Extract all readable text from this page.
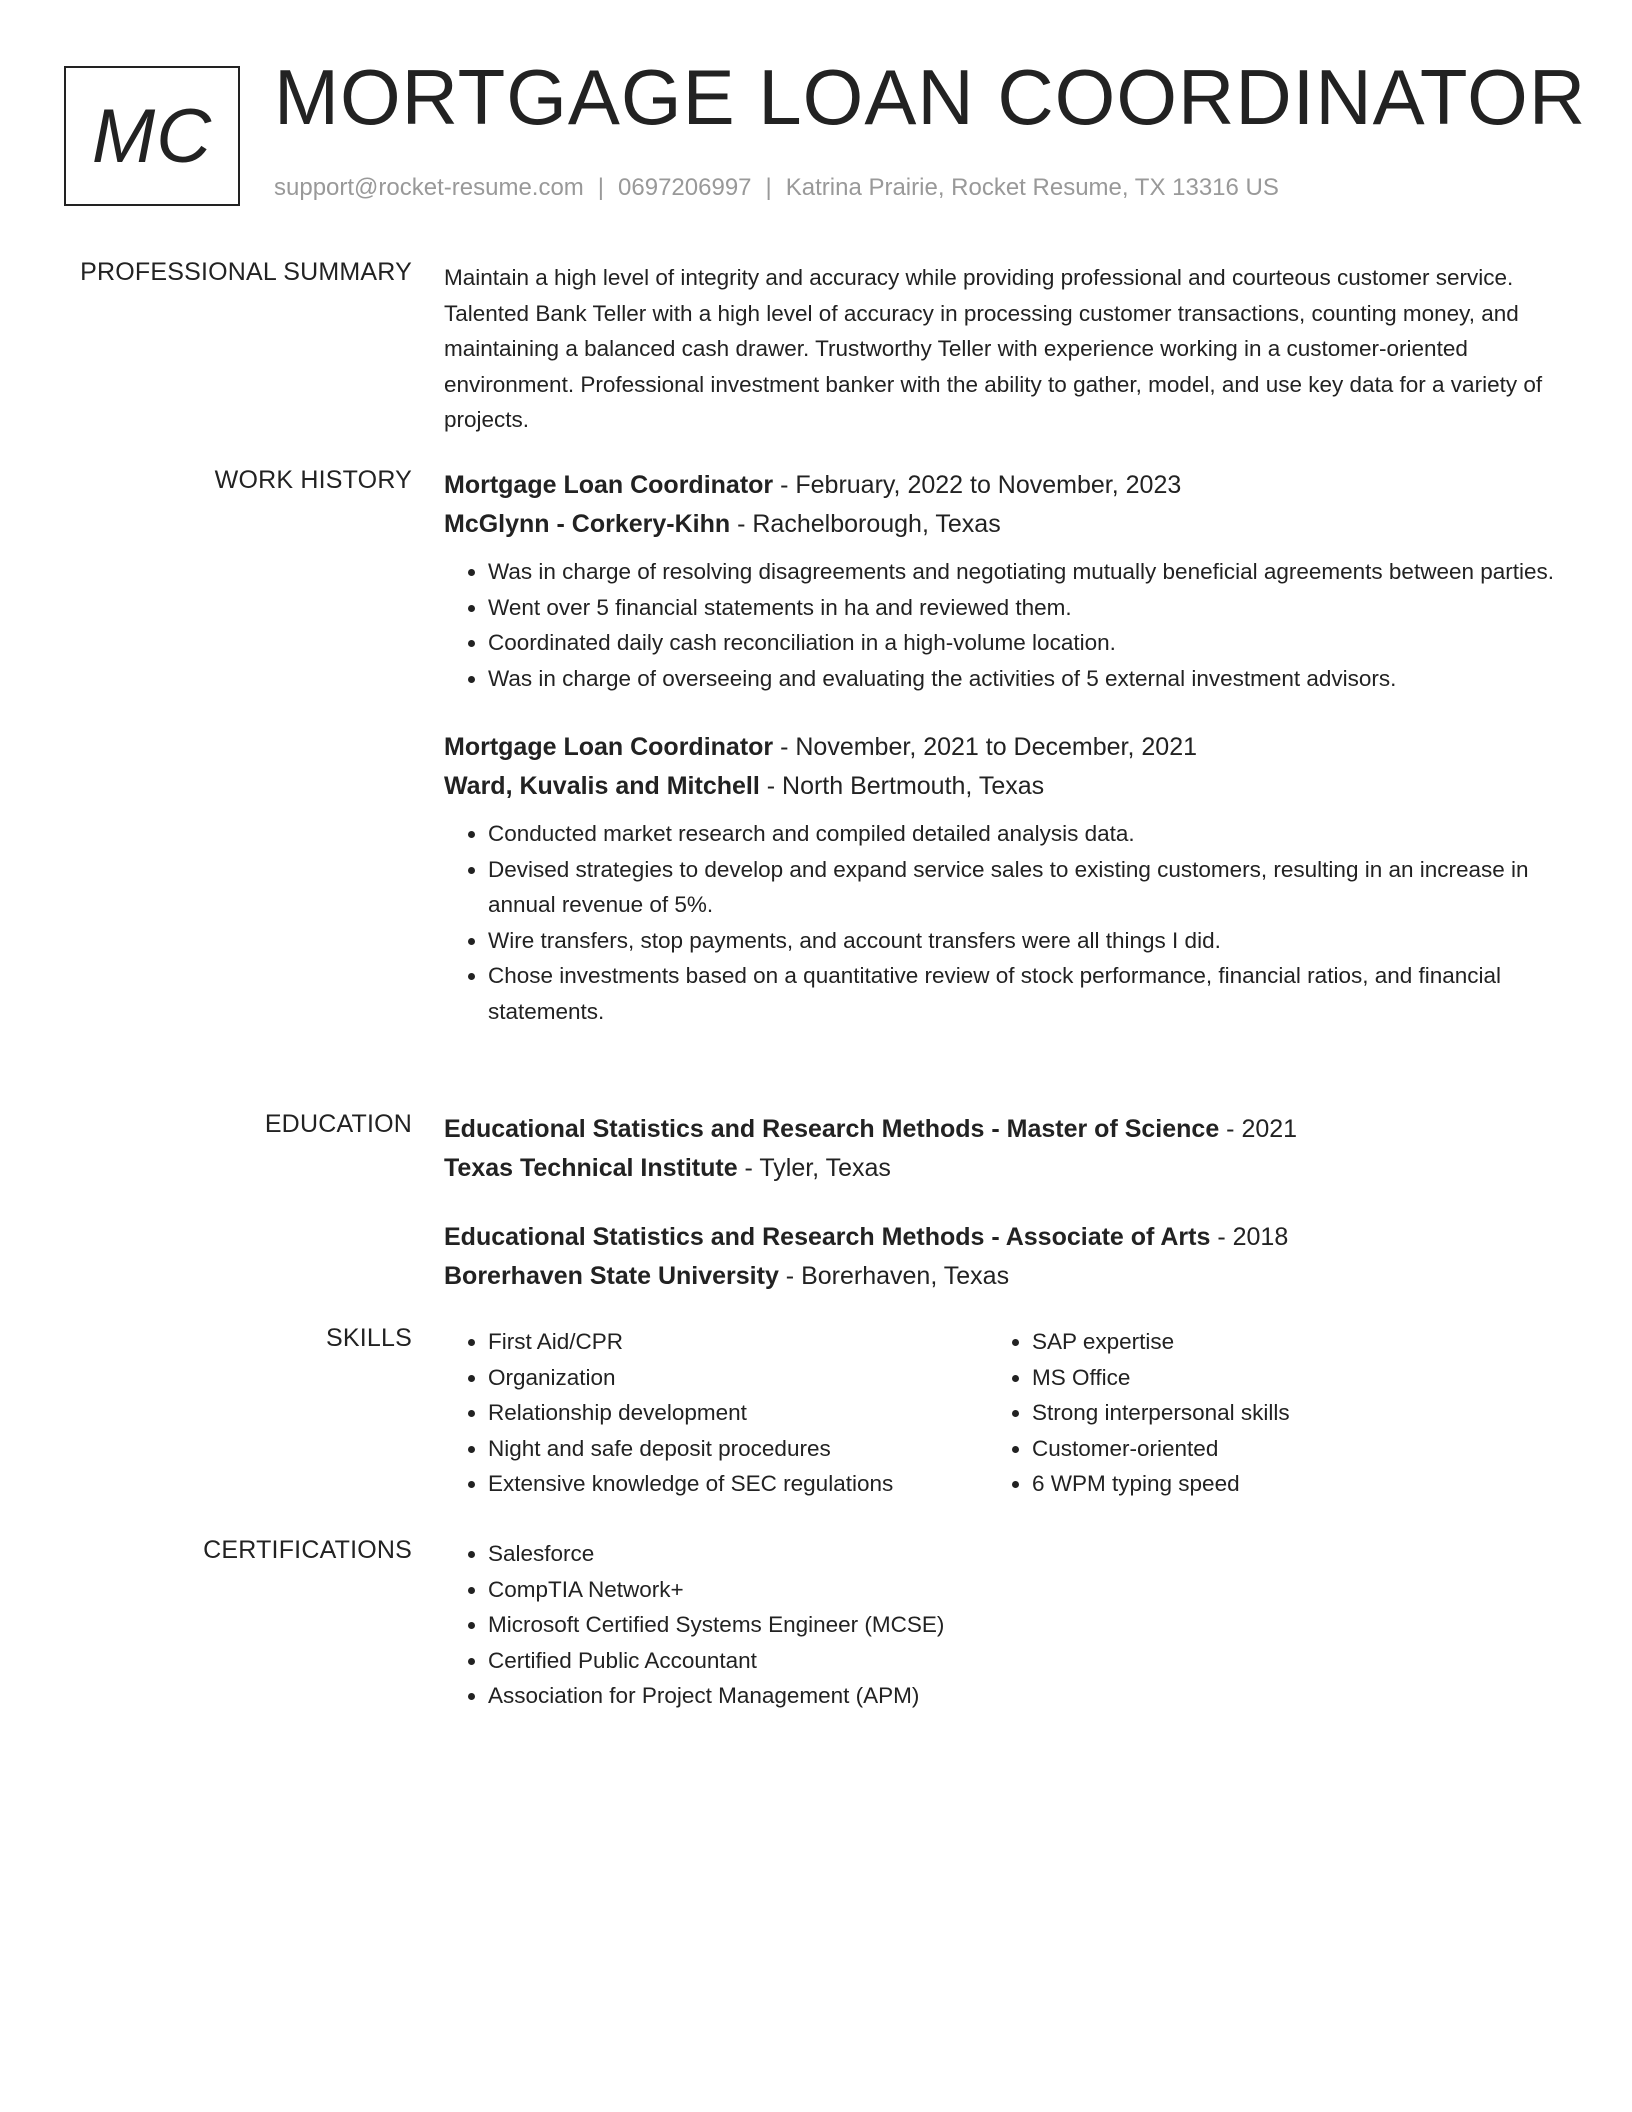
MC MORTGAGE LOAN COORDINATOR
support@rocket-resume.com | 0697206997 | Katrina Prairie, Rocket Resume, TX 13316 US
PROFESSIONAL SUMMARY Maintain a high level of integrity and accuracy while providing professional and courteous customer service. Talented Bank Teller with a high level of accuracy in processing customer transactions, counting money, and maintaining a balanced cash drawer. Trustworthy Teller with experience working in a customer-oriented environment. Professional investment banker with the ability to gather, model, and use key data for a variety of projects.

WORK HISTORY Mortgage Loan Coordinator - February, 2022 to November, 2023
McGlynn - Corkery-Kihn - Rachelborough, Texas
• Was in charge of resolving disagreements and negotiating mutually beneficial agreements between parties.
• Went over 5 financial statements in ha and reviewed them.
• Coordinated daily cash reconciliation in a high-volume location.
• Was in charge of overseeing and evaluating the activities of 5 external investment advisors.
Mortgage Loan Coordinator - November, 2021 to December, 2021
Ward, Kuvalis and Mitchell - North Bertmouth, Texas
• Conducted market research and compiled detailed analysis data.
• Devised strategies to develop and expand service sales to existing customers, resulting in an increase in annual revenue of 5%.
• Wire transfers, stop payments, and account transfers were all things I did.
• Chose investments based on a quantitative review of stock performance, financial ratios, and financial statements.
EDUCATION Educational Statistics and Research Methods - Master of Science - 2021
Texas Technical Institute - Tyler, Texas
Educational Statistics and Research Methods - Associate of Arts - 2018
Borerhaven State University - Borerhaven, Texas
SKILLS	• First Aid/CPR
• Organization
• Relationship development
• Night and safe deposit procedures
• Extensive knowledge of SEC regulations
• SAP expertise
• MS Office
• Strong interpersonal skills
• Customer-oriented
• 6 WPM typing speed
CERTIFICATIONS	• Salesforce
• CompTIA Network+
• Microsoft Certified Systems Engineer (MCSE)
• Certified Public Accountant
• Association for Project Management (APM)
